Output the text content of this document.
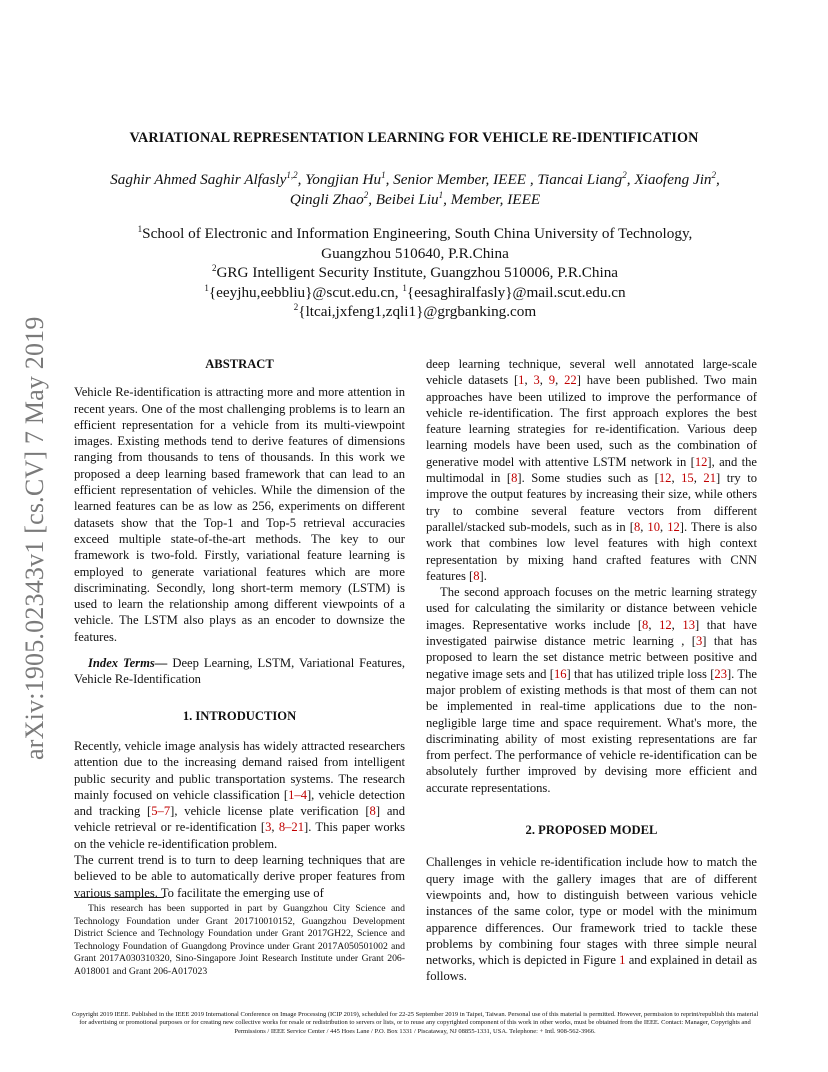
arXiv:1905.02343v1 [cs.CV] 7 May 2019
VARIATIONAL REPRESENTATION LEARNING FOR VEHICLE RE-IDENTIFICATION
Saghir Ahmed Saghir Alfasly$^{1,2}$, Yongjian Hu$^1$, Senior Member, IEEE , Tiancai Liang$^2$, Xiaofeng Jin$^2$,
Qingli Zhao$^2$, Beibei Liu$^1$, Member, IEEE
$^1$School of Electronic and Information Engineering, South China University of Technology,
Guangzhou 510640, P.R.China
$^2$GRG Intelligent Security Institute, Guangzhou 510006, P.R.China
$^1${eeyjhu,eebbliu}@scut.edu.cn, $^1${eesaghiralfasly}@mail.scut.edu.cn
$^2${ltcai,jxfeng1,zqli1}@grgbanking.com

ABSTRACT

Vehicle Re-identification is attracting more and more attention in recent years. One of the most challenging problems is to learn an efficient representation for a vehicle from its multi-viewpoint images. Existing methods tend to derive features of dimensions ranging from thousands to tens of thousands. In this work we proposed a deep learning based framework that can lead to an efficient representation of vehicles. While the dimension of the learned features can be as low as 256, experiments on different datasets show that the Top-1 and Top-5 retrieval accuracies exceed multiple state-of-the-art methods. The key to our framework is two-fold. Firstly, variational feature learning is employed to generate variational features which are more discriminating. Secondly, long short-term memory (LSTM) is used to learn the relationship among different viewpoints of a vehicle. The LSTM also plays as an encoder to downsize the features.

Index Terms— Deep Learning, LSTM, Variational Features, Vehicle Re-Identification

1. INTRODUCTION

Recently, vehicle image analysis has widely attracted researchers attention due to the increasing demand raised from intelligent public security and public transportation systems. The research mainly focused on vehicle classification [1–4], vehicle detection and tracking [5–7], vehicle license plate verification [8] and vehicle retrieval or re-identification [3, 8–21]. This paper works on the vehicle re-identification problem.

The current trend is to turn to deep learning techniques that are believed to be able to automatically derive proper features from various samples. To facilitate the emerging use of

deep learning technique, several well annotated large-scale vehicle datasets [1, 3, 9, 22] have been published. Two main approaches have been utilized to improve the performance of vehicle re-identification. The first approach explores the best feature learning strategies for re-identification. Various deep learning models have been used, such as the combination of generative model with attentive LSTM network in [12], and the multimodal in [8]. Some studies such as [12, 15, 21] try to improve the output features by increasing their size, while others try to combine several feature vectors from different parallel/stacked sub-models, such as in [8, 10, 12]. There is also work that combines low level features with high context representation by mixing hand crafted features with CNN features [8].

The second approach focuses on the metric learning strategy used for calculating the similarity or distance between vehicle images. Representative works include [8, 12, 13] that have investigated pairwise distance metric learning , [3] that has proposed to learn the set distance metric between positive and negative image sets and [16] that has utilized triple loss [23]. The major problem of existing methods is that most of them can not be implemented in real-time applications due to the non-negligible large time and space requirement. What's more, the discriminating ability of most existing representations are far from perfect. The performance of vehicle re-identification can be absolutely further improved by devising more efficient and accurate representations.

2. PROPOSED MODEL

Challenges in vehicle re-identification include how to match the query image with the gallery images that are of different viewpoints and, how to distinguish between various vehicle instances of the same color, type or model with the minimum apparence differences. Our framework tried to tackle these problems by combining four stages with three simple neural networks, which is depicted in Figure 1 and explained in detail as follows.

This research has been supported in part by Guangzhou City Science and Technology Foundation under Grant 201710010152, Guangzhou Development District Science and Technology Foundation under Grant 2017GH22, Science and Technology Foundation of Guangdong Province under Grant 2017A050501002 and Grant 2017A030310320, Sino-Singapore Joint Research Institute under Grant 206-A018001 and Grant 206-A017023
Copyright 2019 IEEE. Published in the IEEE 2019 International Conference on Image Processing (ICIP 2019), scheduled for 22-25 September 2019 in Taipei, Taiwan. Personal use of this material is permitted. However, permission to reprint/republish this material for advertising or promotional purposes or for creating new collective works for resale or redistribution to servers or lists, or to reuse any copyrighted component of this work in other works, must be obtained from the IEEE. Contact: Manager, Copyrights and Permissions / IEEE Service Center / 445 Hoes Lane / P.O. Box 1331 / Piscataway, NJ 08855-1331, USA. Telephone: + Intl. 908-562-3966.
